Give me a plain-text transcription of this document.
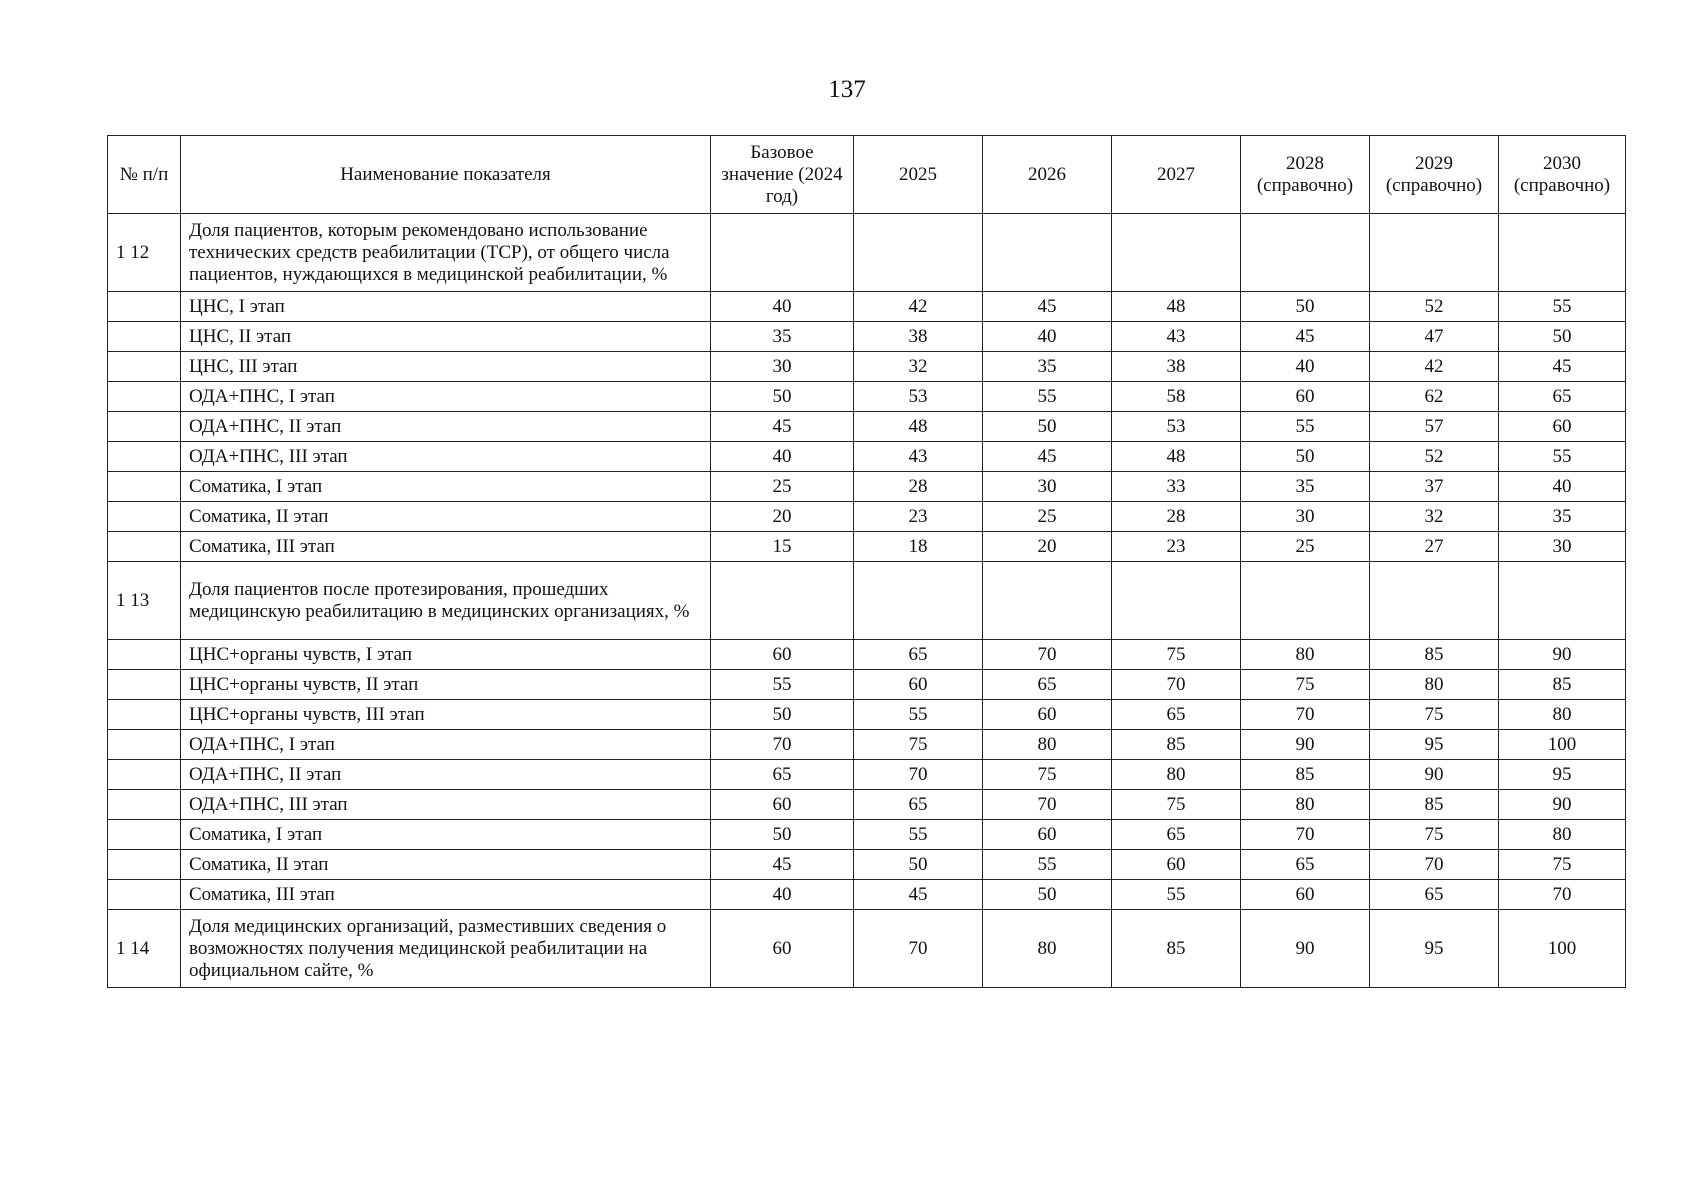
137
№ п/п	Наименование показателя	Базовое значение (2024 год)	2025	2026	2027	2028 (справочно)	2029 (справочно)	2030 (справочно)
1 12	Доля пациентов, которым рекомендовано использование технических средств реабилитации (ТСР), от общего числа пациентов, нуждающихся в медицинской реабилитации, %							
	ЦНС, I этап	40	42	45	48	50	52	55
	ЦНС, II этап	35	38	40	43	45	47	50
	ЦНС, III этап	30	32	35	38	40	42	45
	ОДА+ПНС, I этап	50	53	55	58	60	62	65
	ОДА+ПНС, II этап	45	48	50	53	55	57	60
	ОДА+ПНС, III этап	40	43	45	48	50	52	55
	Соматика, I этап	25	28	30	33	35	37	40
	Соматика, II этап	20	23	25	28	30	32	35
	Соматика, III этап	15	18	20	23	25	27	30
1 13	Доля пациентов после протезирования, прошедших медицинскую реабилитацию в медицинских организациях, %							
	ЦНС+органы чувств, I этап	60	65	70	75	80	85	90
	ЦНС+органы чувств, II этап	55	60	65	70	75	80	85
	ЦНС+органы чувств, III этап	50	55	60	65	70	75	80
	ОДА+ПНС, I этап	70	75	80	85	90	95	100
	ОДА+ПНС, II этап	65	70	75	80	85	90	95
	ОДА+ПНС, III этап	60	65	70	75	80	85	90
	Соматика, I этап	50	55	60	65	70	75	80
	Соматика, II этап	45	50	55	60	65	70	75
	Соматика, III этап	40	45	50	55	60	65	70
1 14	Доля медицинских организаций, разместивших сведения о возможностях получения медицинской реабилитации на официальном сайте, %	60	70	80	85	90	95	100
